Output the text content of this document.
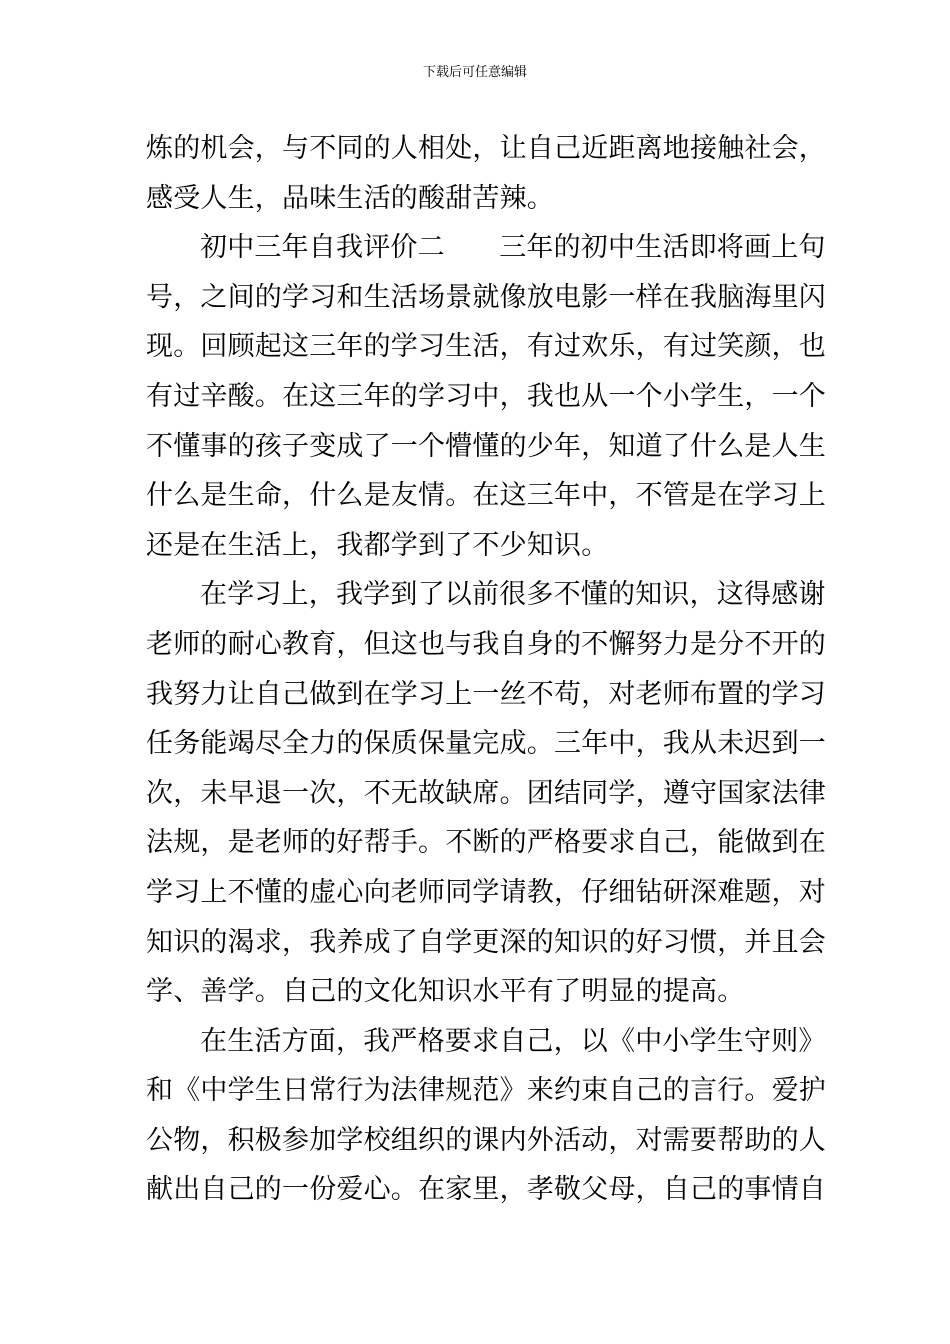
下载后可任意编辑
炼的机会，与不同的人相处，让自己近距离地接触社会，
感受人生，品味生活的酸甜苦辣。
初中三年自我评价二　　三年的初中生活即将画上句
号，之间的学习和生活场景就像放电影一样在我脑海里闪
现。回顾起这三年的学习生活，有过欢乐，有过笑颜，也
有过辛酸。在这三年的学习中，我也从一个小学生，一个
不懂事的孩子变成了一个懵懂的少年，知道了什么是人生
什么是生命，什么是友情。在这三年中，不管是在学习上
还是在生活上，我都学到了不少知识。
在学习上，我学到了以前很多不懂的知识，这得感谢
老师的耐心教育，但这也与我自身的不懈努力是分不开的
我努力让自己做到在学习上一丝不苟，对老师布置的学习
任务能竭尽全力的保质保量完成。三年中，我从未迟到一
次，未早退一次，不无故缺席。团结同学，遵守国家法律
法规，是老师的好帮手。不断的严格要求自己，能做到在
学习上不懂的虚心向老师同学请教，仔细钻研深难题，对
知识的渴求，我养成了自学更深的知识的好习惯，并且会
学、善学。自己的文化知识水平有了明显的提高。
在生活方面，我严格要求自己，以《中小学生守则》
和《中学生日常行为法律规范》来约束自己的言行。爱护
公物，积极参加学校组织的课内外活动，对需要帮助的人
献出自己的一份爱心。在家里，孝敬父母，自己的事情自
